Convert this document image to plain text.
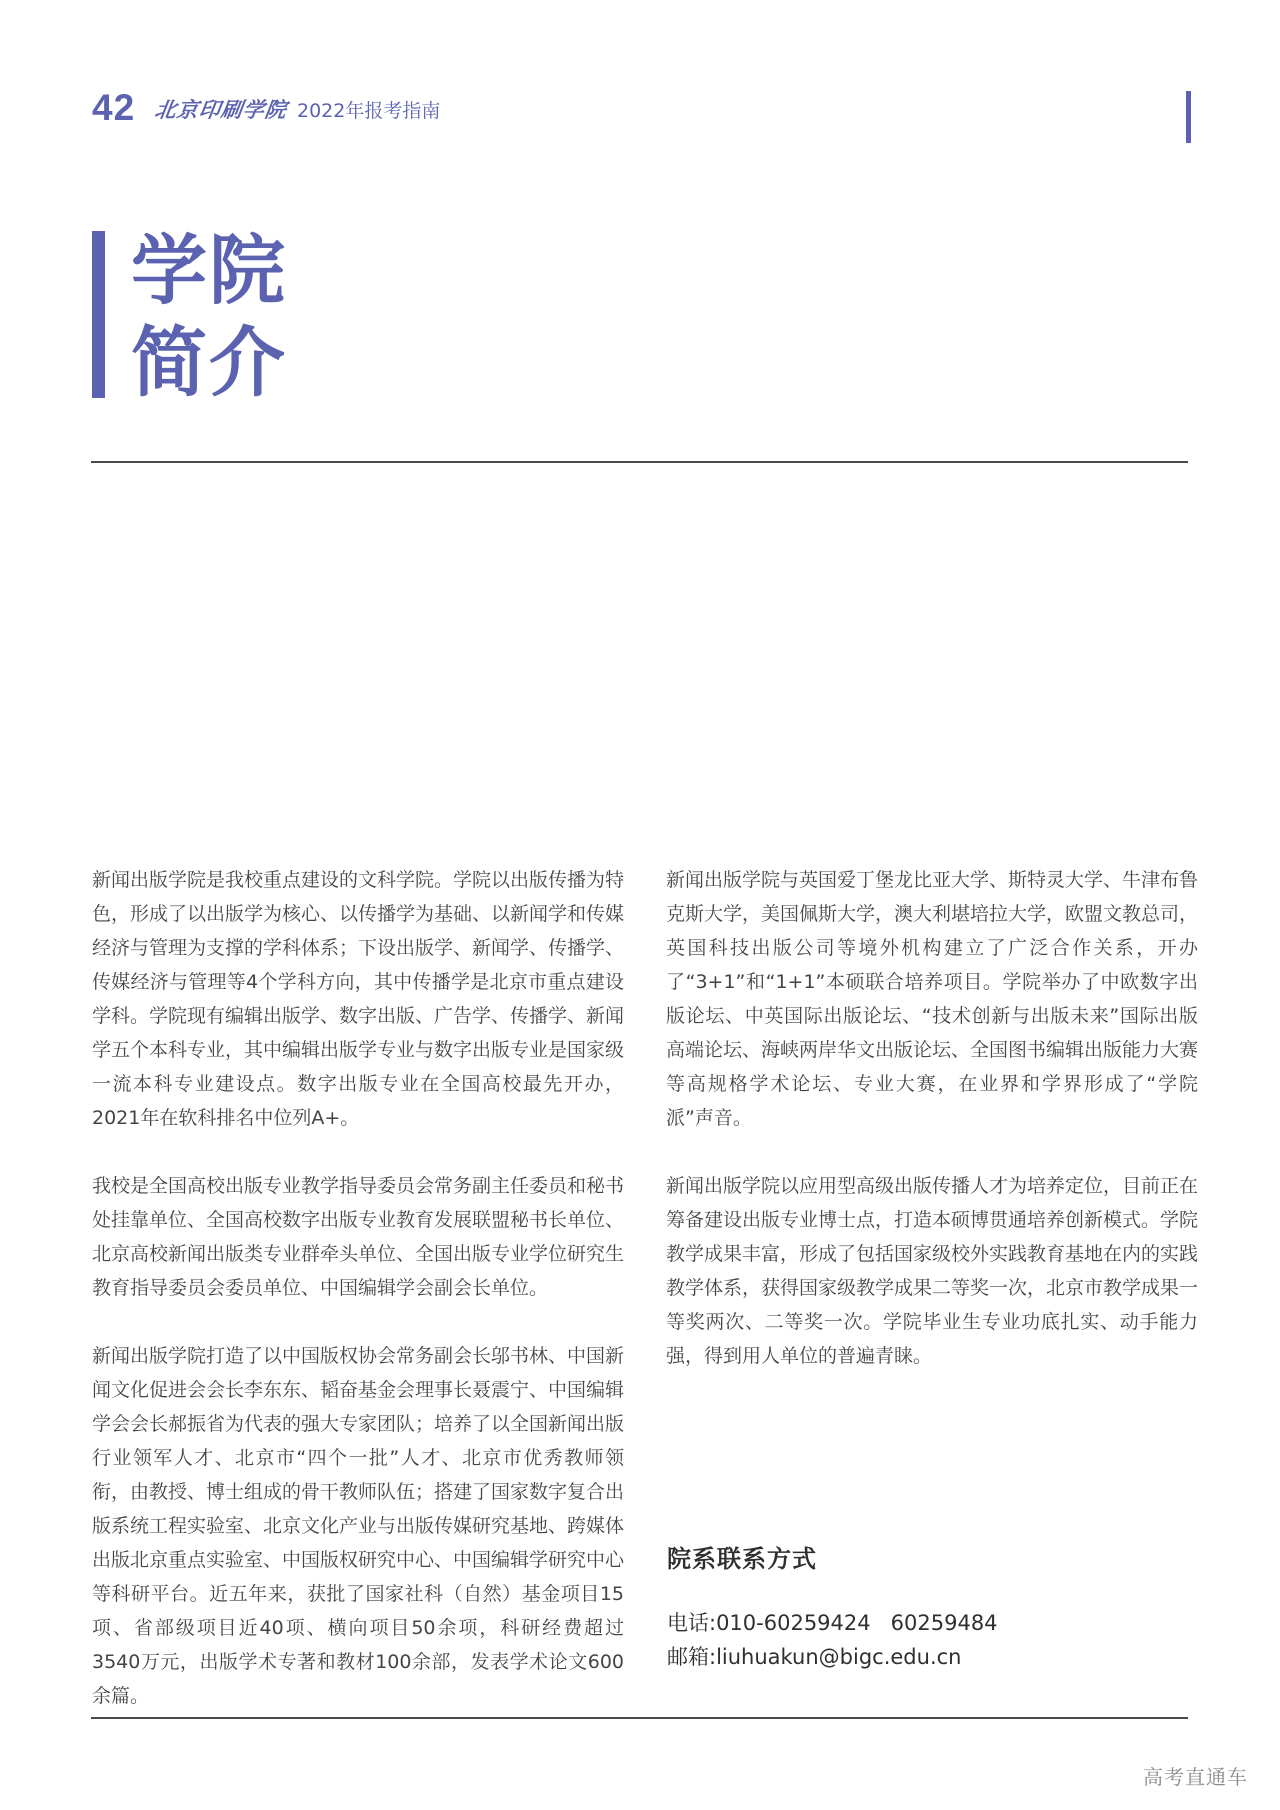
42 北京印刷学院 2022年报考指南
学院
简介

新闻出版学院是我校重点建设的文科学院。学院以出版传播为特色，形成了以出版学为核心、以传播学为基础、以新闻学和传媒经济与管理为支撑的学科体系；下设出版学、新闻学、传播学、传媒经济与管理等4个学科方向，其中传播学是北京市重点建设学科。学院现有编辑出版学、数字出版、广告学、传播学、新闻学五个本科专业，其中编辑出版学专业与数字出版专业是国家级一流本科专业建设点。数字出版专业在全国高校最先开办，2021年在软科排名中位列A+。

我校是全国高校出版专业教学指导委员会常务副主任委员和秘书处挂靠单位、全国高校数字出版专业教育发展联盟秘书长单位、北京高校新闻出版类专业群牵头单位、全国出版专业学位研究生教育指导委员会委员单位、中国编辑学会副会长单位。

新闻出版学院打造了以中国版权协会常务副会长邬书林、中国新闻文化促进会会长李东东、韬奋基金会理事长聂震宁、中国编辑学会会长郝振省为代表的强大专家团队；培养了以全国新闻出版行业领军人才、北京市“四个一批”人才、北京市优秀教师领衔，由教授、博士组成的骨干教师队伍；搭建了国家数字复合出版系统工程实验室、北京文化产业与出版传媒研究基地、跨媒体出版北京重点实验室、中国版权研究中心、中国编辑学研究中心等科研平台。近五年来，获批了国家社科（自然）基金项目15项、省部级项目近40项、横向项目50余项，科研经费超过3540万元，出版学术专著和教材100余部，发表学术论文600余篇。

新闻出版学院与英国爱丁堡龙比亚大学、斯特灵大学、牛津布鲁克斯大学，美国佩斯大学，澳大利堪培拉大学，欧盟文教总司，英国科技出版公司等境外机构建立了广泛合作关系，开办了“3+1”和“1+1”本硕联合培养项目。学院举办了中欧数字出版论坛、中英国际出版论坛、“技术创新与出版未来”国际出版高端论坛、海峡两岸华文出版论坛、全国图书编辑出版能力大赛等高规格学术论坛、专业大赛，在业界和学界形成了“学院派”声音。

新闻出版学院以应用型高级出版传播人才为培养定位，目前正在筹备建设出版专业博士点，打造本硕博贯通培养创新模式。学院教学成果丰富，形成了包括国家级校外实践教育基地在内的实践教学体系，获得国家级教学成果二等奖一次，北京市教学成果一等奖两次、二等奖一次。学院毕业生专业功底扎实、动手能力强，得到用人单位的普遍青睐。

院系联系方式
电话:010-60259424   60259484
邮箱:liuhuakun@bigc.edu.cn
高考直通车
